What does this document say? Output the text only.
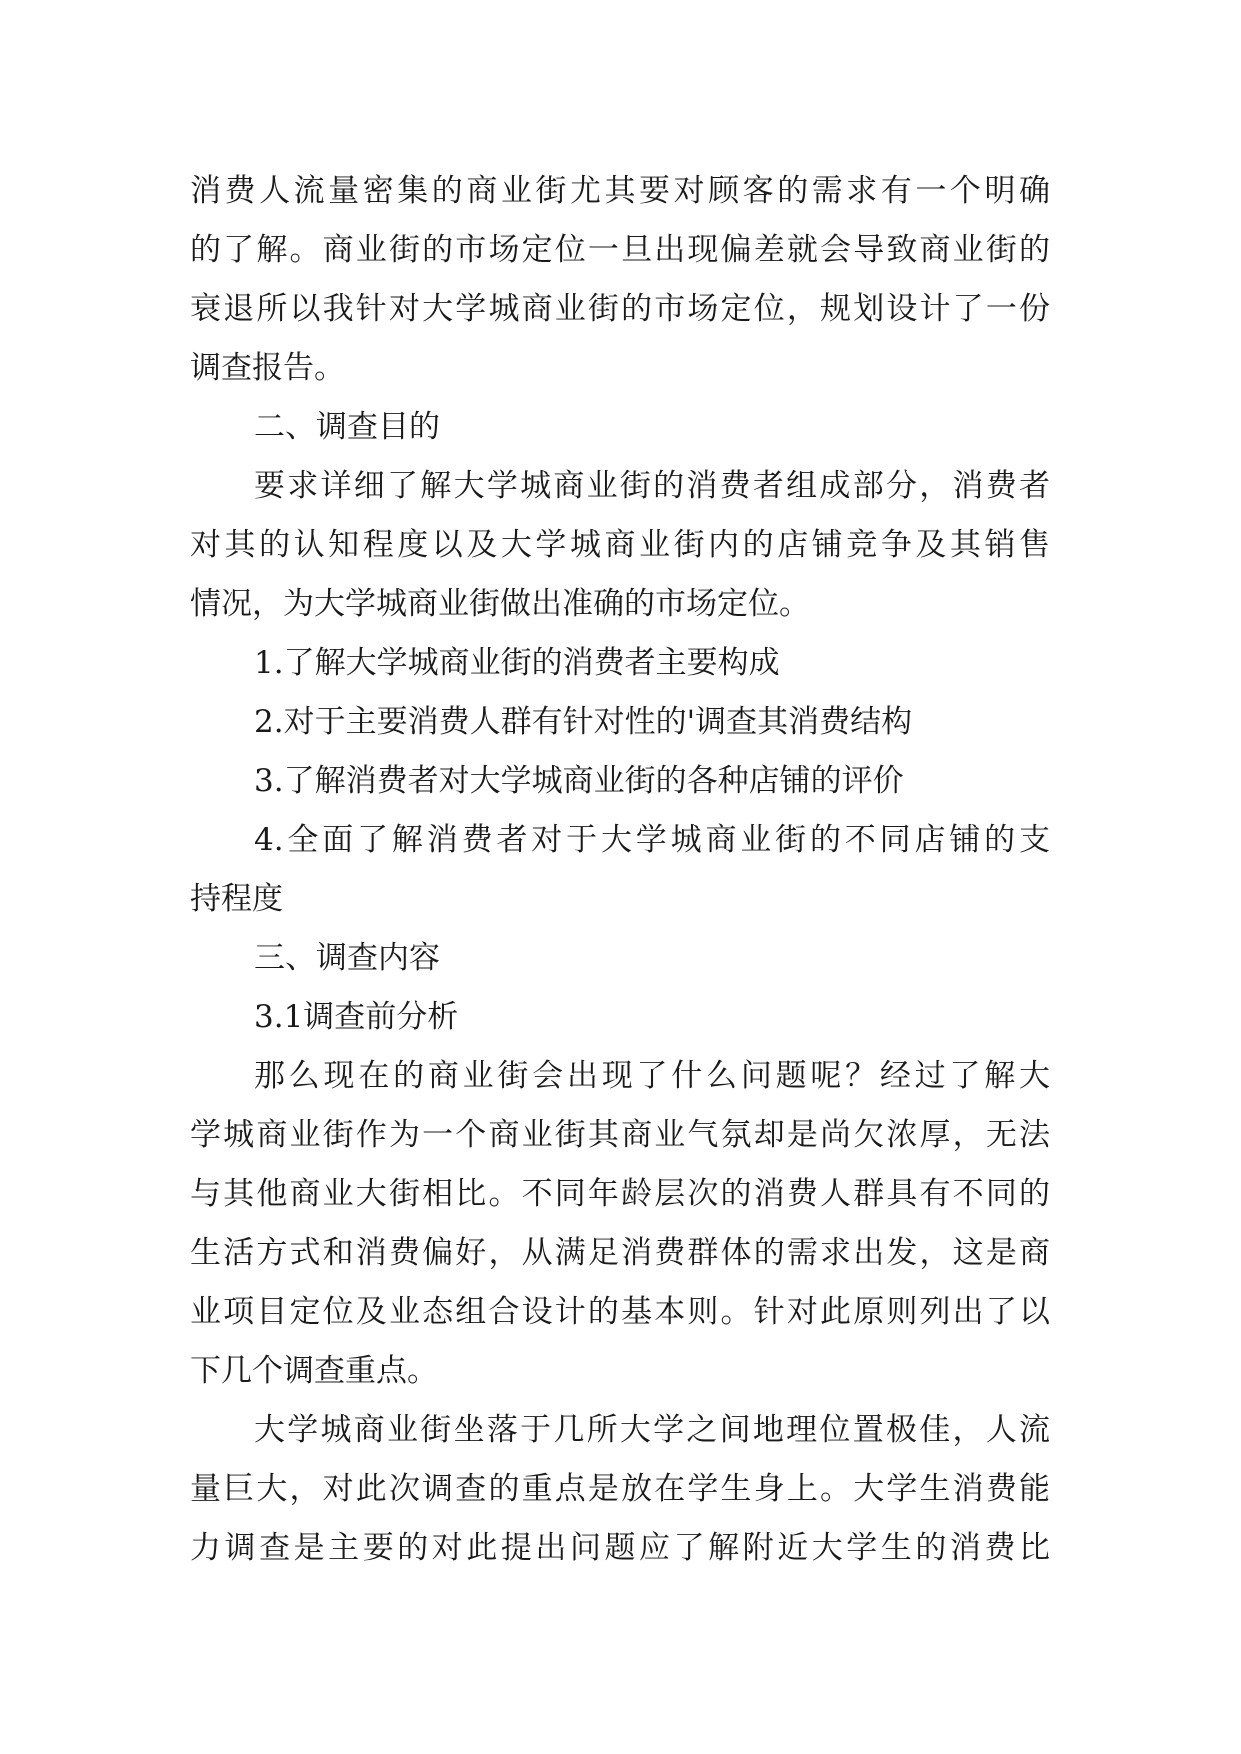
消费人流量密集的商业街尤其要对顾客的需求有一个明确
的了解。商业街的市场定位一旦出现偏差就会导致商业街的
衰退所以我针对大学城商业街的市场定位，规划设计了一份
调查报告。
二、调查目的
要求详细了解大学城商业街的消费者组成部分，消费者
对其的认知程度以及大学城商业街内的店铺竞争及其销售
情况，为大学城商业街做出准确的市场定位。
1.了解大学城商业街的消费者主要构成
2.对于主要消费人群有针对性的'调查其消费结构
3.了解消费者对大学城商业街的各种店铺的评价
4.全面了解消费者对于大学城商业街的不同店铺的支
持程度
三、调查内容
3.1调查前分析
那么现在的商业街会出现了什么问题呢？经过了解大
学城商业街作为一个商业街其商业气氛却是尚欠浓厚，无法
与其他商业大街相比。不同年龄层次的消费人群具有不同的
生活方式和消费偏好，从满足消费群体的需求出发，这是商
业项目定位及业态组合设计的基本则。针对此原则列出了以
下几个调查重点。
大学城商业街坐落于几所大学之间地理位置极佳，人流
量巨大，对此次调查的重点是放在学生身上。大学生消费能
力调查是主要的对此提出问题应了解附近大学生的消费比
